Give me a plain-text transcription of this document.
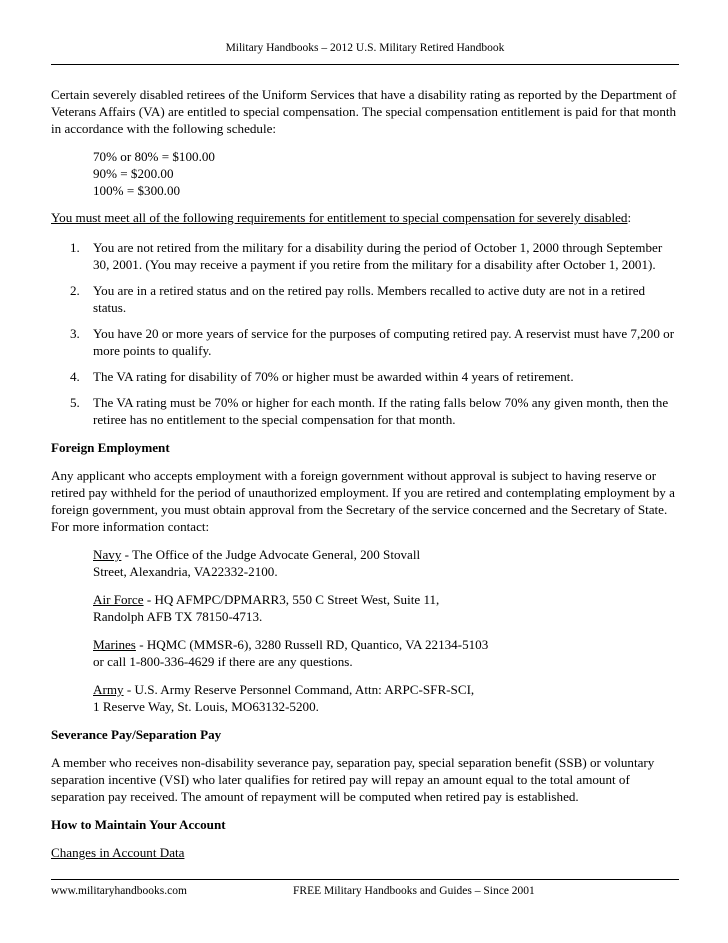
Military Handbooks – 2012 U.S. Military Retired Handbook

Certain severely disabled retirees of the Uniform Services that have a disability rating as reported by the Department of Veterans Affairs (VA) are entitled to special compensation. The special compensation entitlement is paid for that month in accordance with the following schedule:

70% or 80% = $100.00
90% = $200.00
100% = $300.00

You must meet all of the following requirements for entitlement to special compensation for severely disabled:

1. You are not retired from the military for a disability during the period of October 1, 2000 through September 30, 2001. (You may receive a payment if you retire from the military for a disability after October 1, 2001).
2. You are in a retired status and on the retired pay rolls. Members recalled to active duty are not in a retired status.
3. You have 20 or more years of service for the purposes of computing retired pay. A reservist must have 7,200 or more points to qualify.
4. The VA rating for disability of 70% or higher must be awarded within 4 years of retirement.
5. The VA rating must be 70% or higher for each month. If the rating falls below 70% any given month, then the retiree has no entitlement to the special compensation for that month.

Foreign Employment

Any applicant who accepts employment with a foreign government without approval is subject to having reserve or retired pay withheld for the period of unauthorized employment. If you are retired and contemplating employment by a foreign government, you must obtain approval from the Secretary of the service concerned and the Secretary of State. For more information contact:

Navy - The Office of the Judge Advocate General, 200 Stovall
Street, Alexandria, VA22332-2100.
Air Force - HQ AFMPC/DPMARR3, 550 C Street West, Suite 11,
Randolph AFB TX 78150-4713.
Marines - HQMC (MMSR-6), 3280 Russell RD, Quantico, VA 22134-5103
or call 1-800-336-4629 if there are any questions.
Army - U.S. Army Reserve Personnel Command, Attn: ARPC-SFR-SCI,
1 Reserve Way, St. Louis, MO63132-5200.

Severance Pay/Separation Pay

A member who receives non-disability severance pay, separation pay, special separation benefit (SSB) or voluntary separation incentive (VSI) who later qualifies for retired pay will repay an amount equal to the total amount of separation pay received. The amount of repayment will be computed when retired pay is established.

How to Maintain Your Account

Changes in Account Data

www.militaryhandbooks.com	FREE Military Handbooks and Guides – Since 2001
